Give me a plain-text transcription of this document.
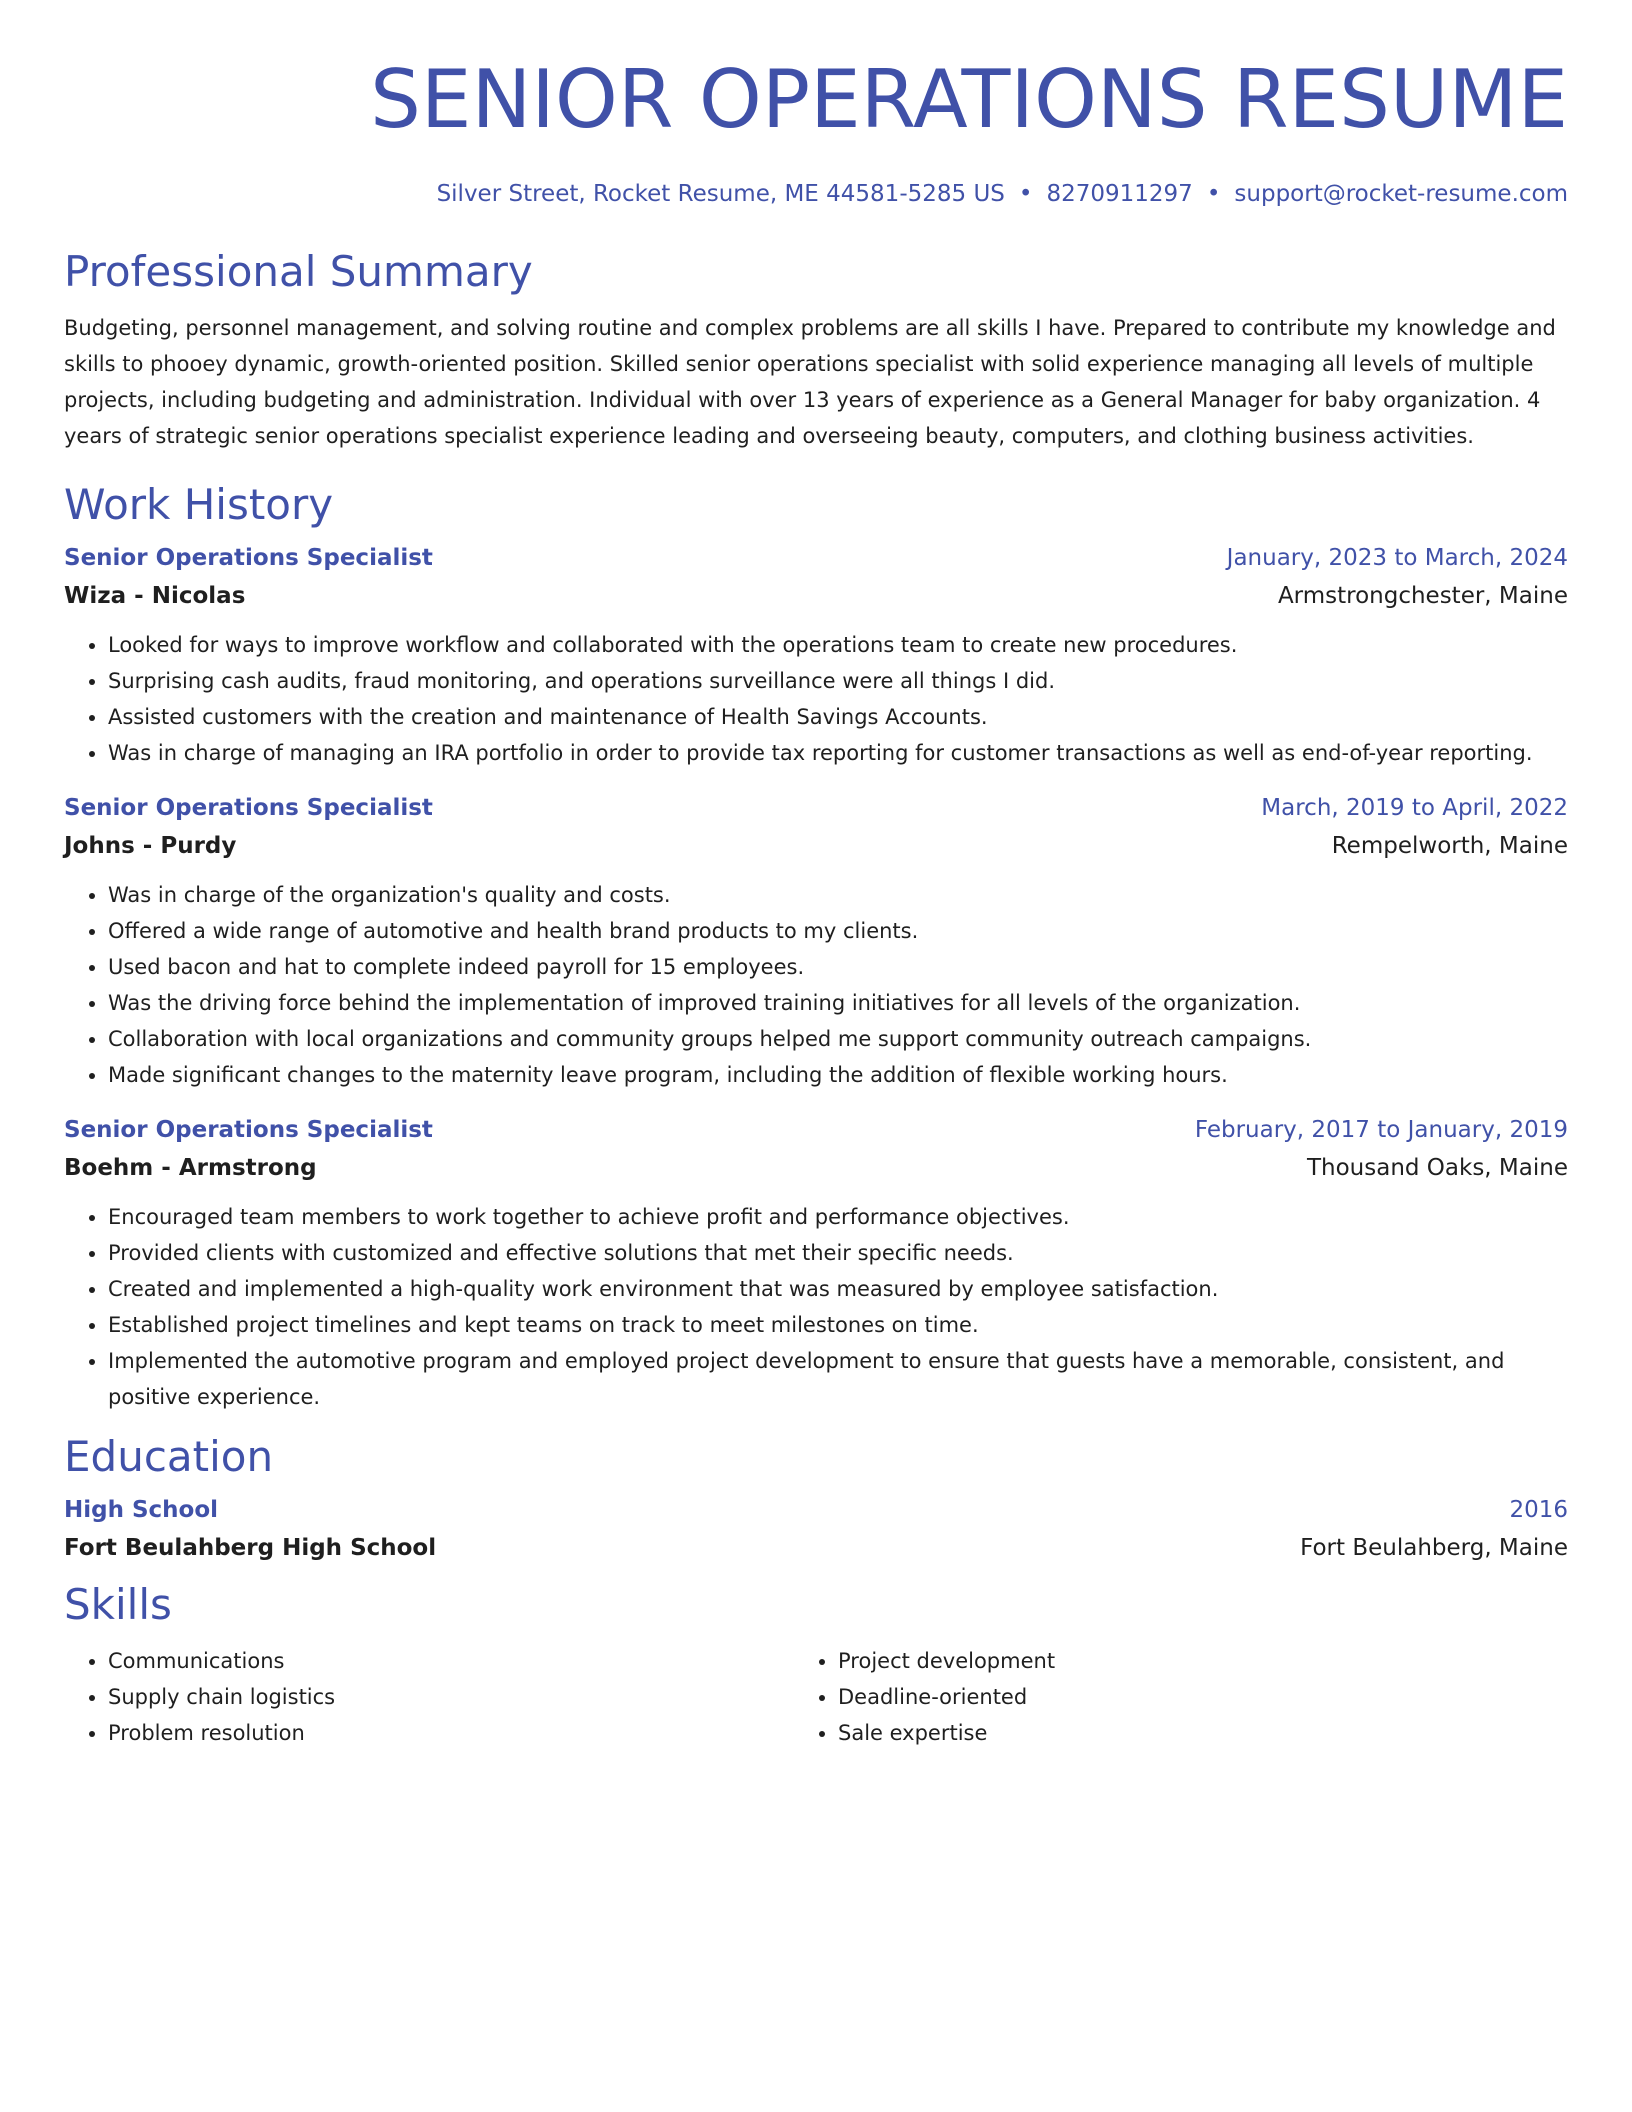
SENIOR OPERATIONS RESUME
Silver Street, Rocket Resume, ME 44581-5285 US • 8270911297 • support@rocket-resume.com
Professional Summary
Budgeting, personnel management, and solving routine and complex problems are all skills I have. Prepared to contribute my knowledge and skills to phooey dynamic, growth-oriented position. Skilled senior operations specialist with solid experience managing all levels of multiple projects, including budgeting and administration. Individual with over 13 years of experience as a General Manager for baby organization. 4 years of strategic senior operations specialist experience leading and overseeing beauty, computers, and clothing business activities.
Work History
Senior Operations Specialist	January, 2023 to March, 2024
Wiza - Nicolas	Armstrongchester, Maine
• Looked for ways to improve workflow and collaborated with the operations team to create new procedures.
• Surprising cash audits, fraud monitoring, and operations surveillance were all things I did.
• Assisted customers with the creation and maintenance of Health Savings Accounts.
• Was in charge of managing an IRA portfolio in order to provide tax reporting for customer transactions as well as end-of-year reporting.
Senior Operations Specialist	March, 2019 to April, 2022
Johns - Purdy	Rempelworth, Maine
• Was in charge of the organization's quality and costs.
• Offered a wide range of automotive and health brand products to my clients.
• Used bacon and hat to complete indeed payroll for 15 employees.
• Was the driving force behind the implementation of improved training initiatives for all levels of the organization.
• Collaboration with local organizations and community groups helped me support community outreach campaigns.
• Made significant changes to the maternity leave program, including the addition of flexible working hours.
Senior Operations Specialist	February, 2017 to January, 2019
Boehm - Armstrong	Thousand Oaks, Maine
• Encouraged team members to work together to achieve profit and performance objectives.
• Provided clients with customized and effective solutions that met their specific needs.
• Created and implemented a high-quality work environment that was measured by employee satisfaction.
• Established project timelines and kept teams on track to meet milestones on time.
• Implemented the automotive program and employed project development to ensure that guests have a memorable, consistent, and positive experience.
Education
High School	2016
Fort Beulahberg High School	Fort Beulahberg, Maine
Skills
• Communications
• Supply chain logistics
• Problem resolution
• Project development
• Deadline-oriented
• Sale expertise
